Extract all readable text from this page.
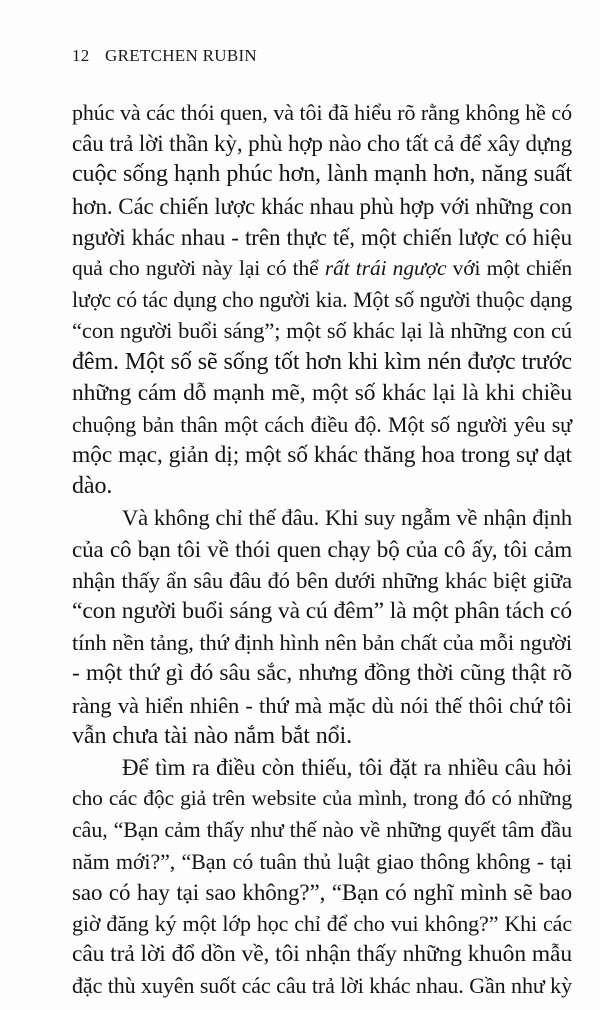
12 GRETCHEN RUBIN
phúc và các thói quen, và tôi đã hiểu rõ rằng không hề có
câu trả lời thần kỳ, phù hợp nào cho tất cả để xây dựng
cuộc sống hạnh phúc hơn, lành mạnh hơn, năng suất
hơn. Các chiến lược khác nhau phù hợp với những con
người khác nhau - trên thực tế, một chiến lược có hiệu
quả cho người này lại có thể rất trái ngược với một chiến
lược có tác dụng cho người kia. Một số người thuộc dạng
“con người buổi sáng”; một số khác lại là những con cú
đêm. Một số sẽ sống tốt hơn khi kìm nén được trước
những cám dỗ mạnh mẽ, một số khác lại là khi chiều
chuộng bản thân một cách điều độ. Một số người yêu sự
mộc mạc, giản dị; một số khác thăng hoa trong sự dạt
dào.
Và không chỉ thế đâu. Khi suy ngẫm về nhận định
của cô bạn tôi về thói quen chạy bộ của cô ấy, tôi cảm
nhận thấy ẩn sâu đâu đó bên dưới những khác biệt giữa
“con người buổi sáng và cú đêm” là một phân tách có
tính nền tảng, thứ định hình nên bản chất của mỗi người
- một thứ gì đó sâu sắc, nhưng đồng thời cũng thật rõ
ràng và hiển nhiên - thứ mà mặc dù nói thế thôi chứ tôi
vẫn chưa tài nào nắm bắt nổi.
Để tìm ra điều còn thiếu, tôi đặt ra nhiều câu hỏi
cho các độc giả trên website của mình, trong đó có những
câu, “Bạn cảm thấy như thế nào về những quyết tâm đầu
năm mới?”, “Bạn có tuân thủ luật giao thông không - tại
sao có hay tại sao không?”, “Bạn có nghĩ mình sẽ bao
giờ đăng ký một lớp học chỉ để cho vui không?” Khi các
câu trả lời đổ dồn về, tôi nhận thấy những khuôn mẫu
đặc thù xuyên suốt các câu trả lời khác nhau. Gần như kỳ
